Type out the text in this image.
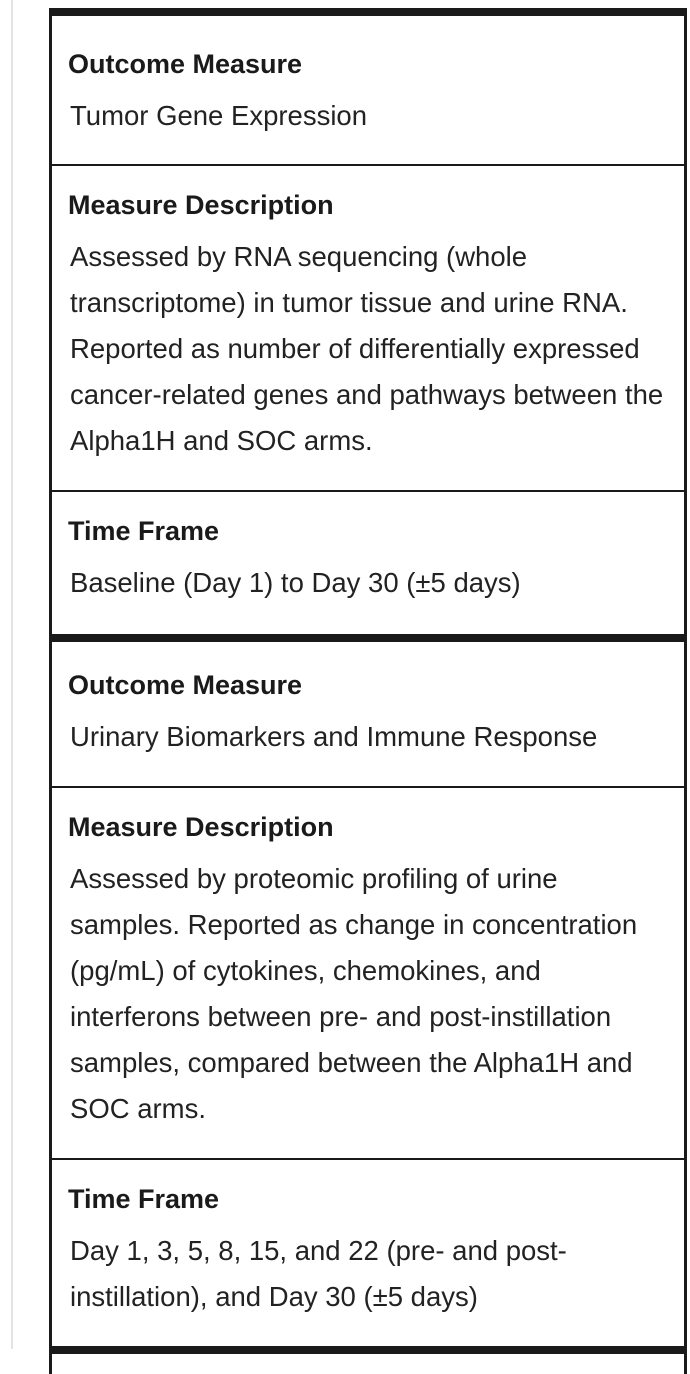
Outcome Measure
Tumor Gene Expression
Measure Description
Assessed by RNA sequencing (whole transcriptome) in tumor tissue and urine RNA. Reported as number of differentially expressed cancer-related genes and pathways between the Alpha1H and SOC arms.
Time Frame
Baseline (Day 1) to Day 30 (±5 days)
Outcome Measure
Urinary Biomarkers and Immune Response
Measure Description
Assessed by proteomic profiling of urine samples. Reported as change in concentration (pg/mL) of cytokines, chemokines, and interferons between pre- and post-instillation samples, compared between the Alpha1H and SOC arms.
Time Frame
Day 1, 3, 5, 8, 15, and 22 (pre- and post-instillation), and Day 30 (±5 days)
